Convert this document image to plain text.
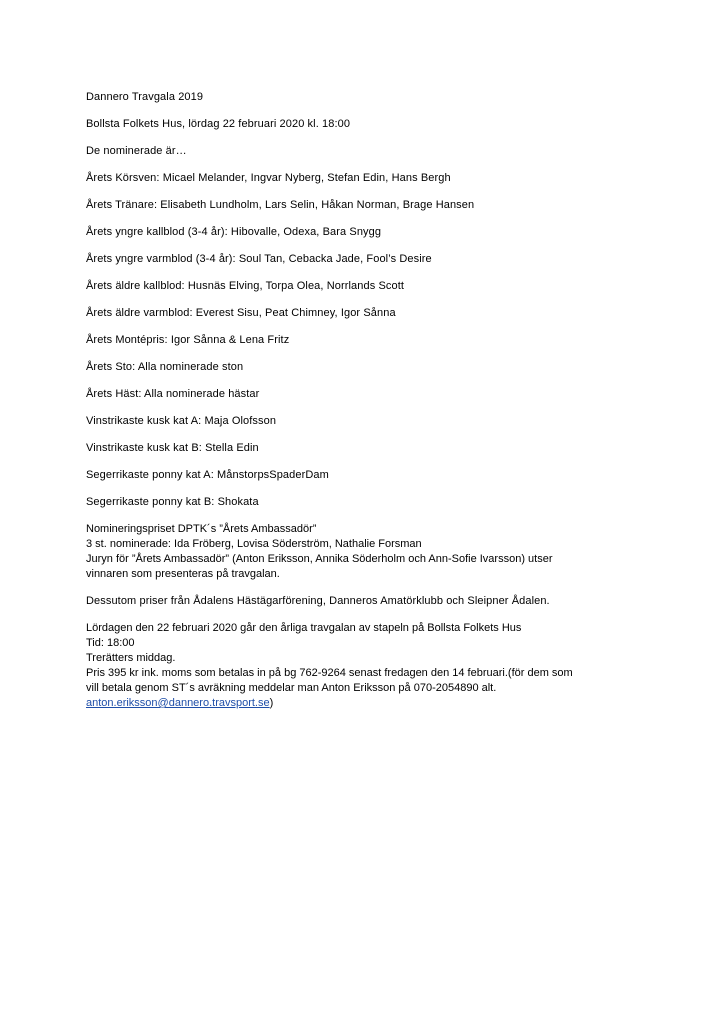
Dannero Travgala 2019

Bollsta Folkets Hus, lördag 22 februari 2020 kl. 18:00

De nominerade är…

Årets Körsven: Micael Melander, Ingvar Nyberg, Stefan Edin, Hans Bergh

Årets Tränare: Elisabeth Lundholm, Lars Selin, Håkan Norman, Brage Hansen

Årets yngre kallblod (3-4 år): Hibovalle, Odexa, Bara Snygg

Årets yngre varmblod (3-4 år): Soul Tan, Cebacka Jade, Fool’s Desire

Årets äldre kallblod: Husnäs Elving, Torpa Olea, Norrlands Scott

Årets äldre varmblod: Everest Sisu, Peat Chimney, Igor Sånna

Årets Montépris: Igor Sånna & Lena Fritz

Årets Sto: Alla nominerade ston

Årets Häst: Alla nominerade hästar

Vinstrikaste kusk kat A: Maja Olofsson

Vinstrikaste kusk kat B: Stella Edin

Segerrikaste ponny kat A: MånstorpsSpaderDam

Segerrikaste ponny kat B: Shokata

Nomineringspriset DPTK´s ”Årets Ambassadör”
3 st. nominerade: Ida Fröberg, Lovisa Söderström, Nathalie Forsman
Juryn för ”Årets Ambassadör” (Anton Eriksson, Annika Söderholm och Ann-Sofie Ivarsson) utser
vinnaren som presenteras på travgalan.

Dessutom priser från Ådalens Hästägarförening, Danneros Amatörklubb och Sleipner Ådalen.

Lördagen den 22 februari 2020 går den årliga travgalan av stapeln på Bollsta Folkets Hus
Tid: 18:00
Trerätters middag.
Pris 395 kr ink. moms som betalas in på bg 762-9264 senast fredagen den 14 februari.(för dem som
vill betala genom ST´s avräkning meddelar man Anton Eriksson på 070-2054890 alt.
anton.eriksson@dannero.travsport.se)
